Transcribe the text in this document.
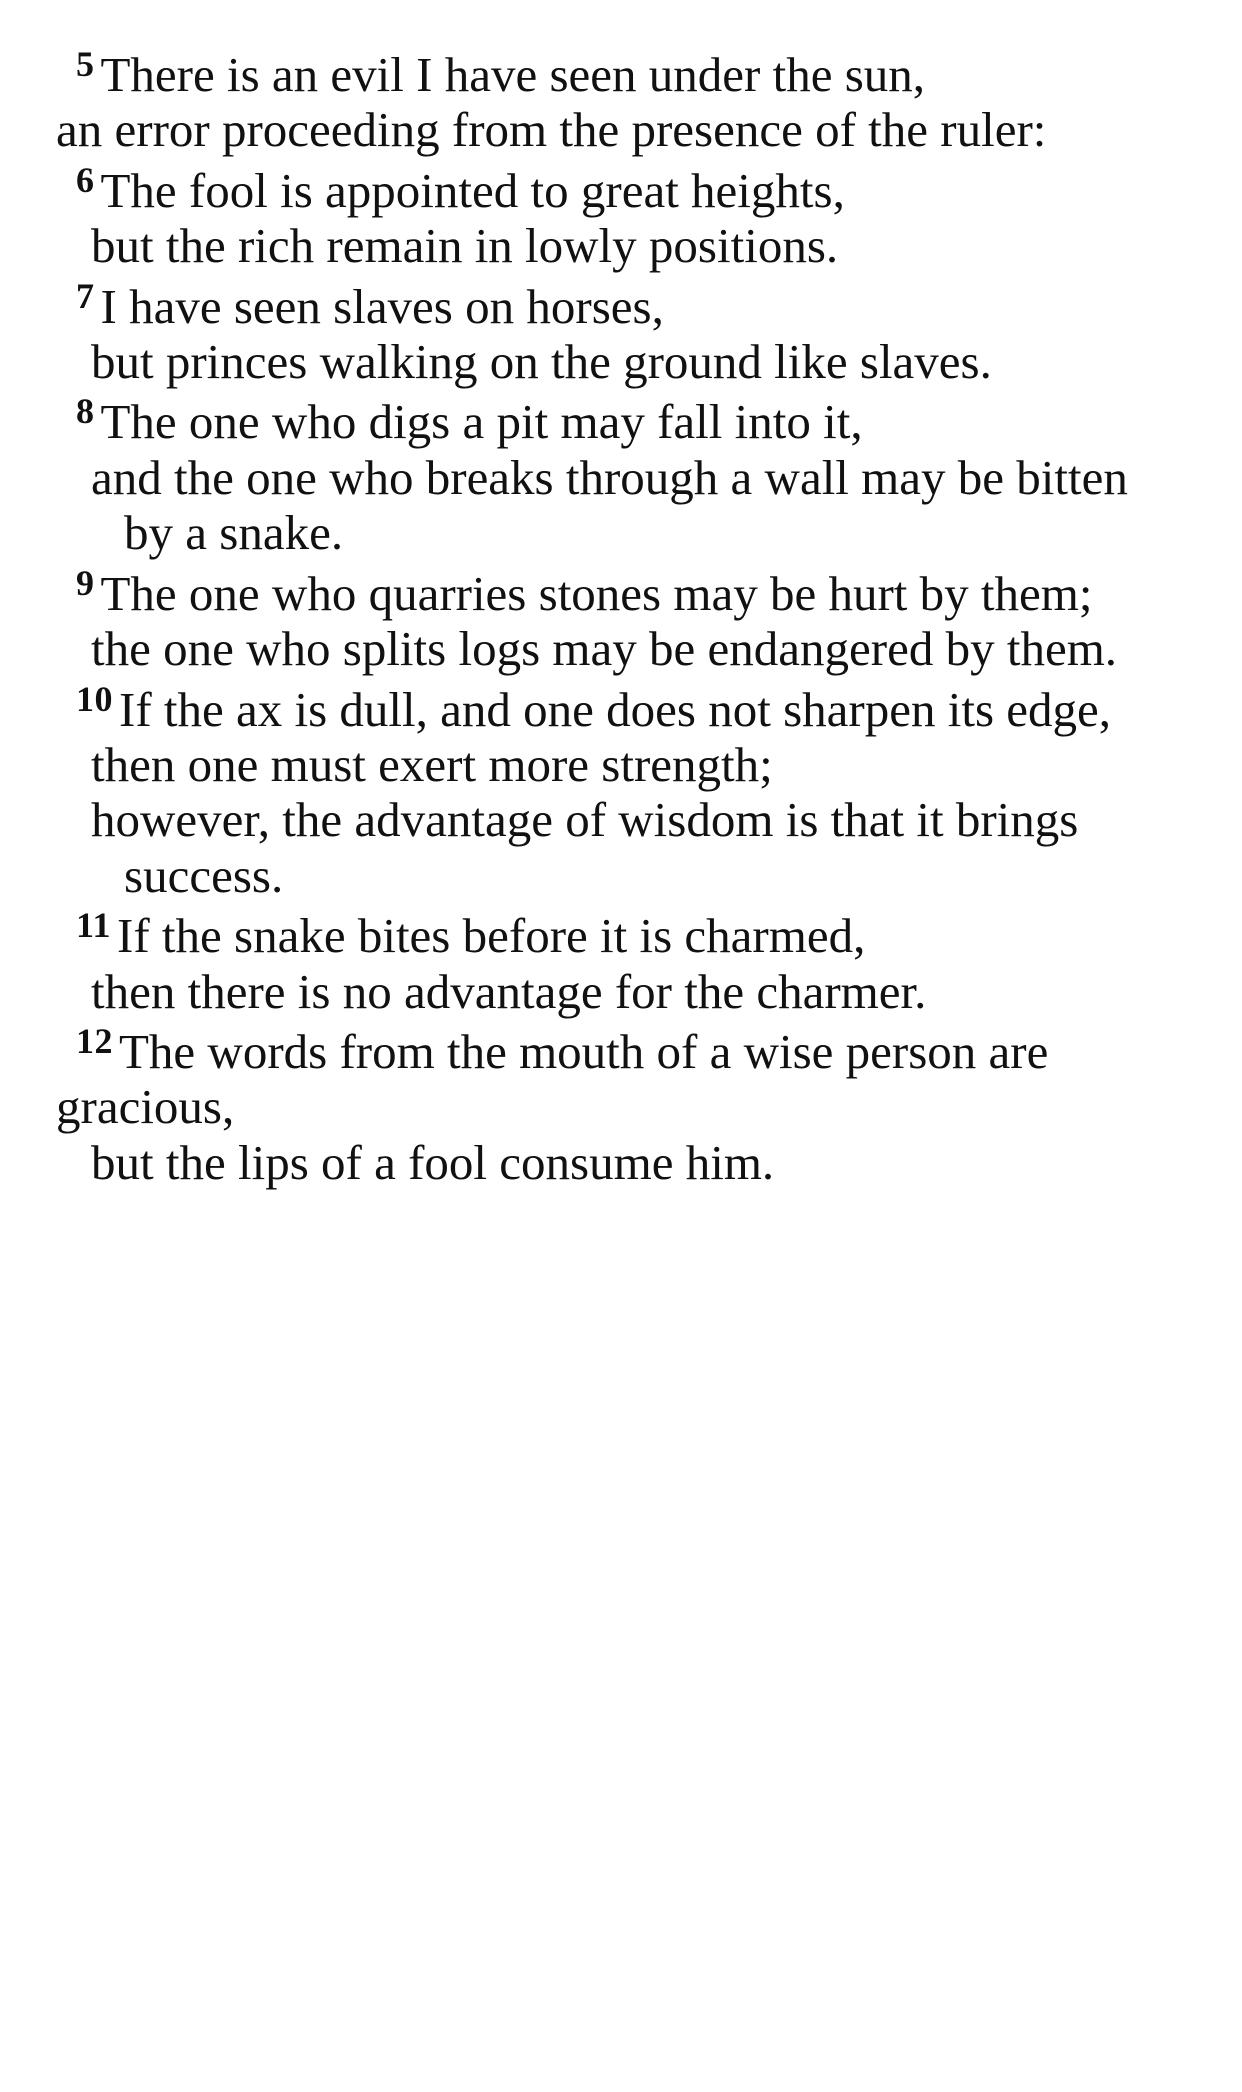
$^5$ There is an evil I have seen under the sun,
an error proceeding from the presence of the ruler:

$^6$ The fool is appointed to great heights,
but the rich remain in lowly positions.

$^7$ I have seen slaves on horses,
but princes walking on the ground like slaves.

$^8$ The one who digs a pit may fall into it,
and the one who breaks through a wall may be bitten by a snake.

$^9$ The one who quarries stones may be hurt by them;
the one who splits logs may be endangered by them.

$^{10}$ If the ax is dull, and one does not sharpen its edge,
then one must exert more strength;
however, the advantage of wisdom is that it brings success.

$^{11}$ If the snake bites before it is charmed,
then there is no advantage for the charmer.

$^{12}$ The words from the mouth of a wise person are gracious,
but the lips of a fool consume him.
